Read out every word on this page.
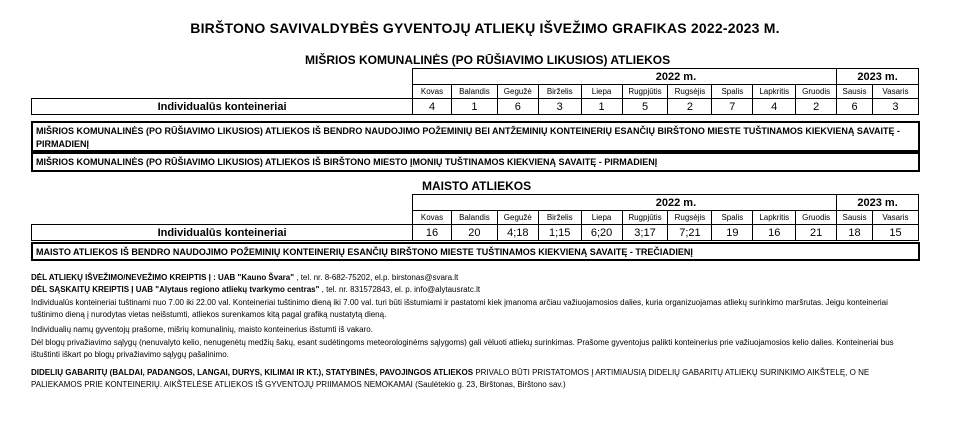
BIRŠTONO SAVIVALDYBĖS GYVENTOJŲ ATLIEKŲ IŠVEŽIMO GRAFIKAS 2022-2023 M.
MIŠRIOS KOMUNALINĖS (PO RŪŠIAVIMO LIKUSIOS) ATLIEKOS
	2022 m.										2023 m.	
	Kovas	Balandis	Gegužė	Birželis	Liepa	Rugpjūtis	Rugsėjis	Spalis	Lapkritis	Gruodis	Sausis	Vasaris
Individualūs konteineriai	4	1	6	3	1	5	2	7	4	2	6	3
MIŠRIOS KOMUNALINĖS (PO RŪŠIAVIMO LIKUSIOS) ATLIEKOS IŠ BENDRO NAUDOJIMO POŽEMINIŲ BEI ANTŽEMINIŲ KONTEINERIŲ ESANČIŲ BIRŠTONO MIESTE TUŠTINAMOS KIEKVIENĄ SAVAITĘ - PIRMADIENĮ
MIŠRIOS KOMUNALINĖS (PO RŪŠIAVIMO LIKUSIOS) ATLIEKOS IŠ BIRŠTONO MIESTO ĮMONIŲ TUŠTINAMOS KIEKVIENĄ SAVAITĘ - PIRMADIENĮ
MAISTO ATLIEKOS
	2022 m.										2023 m.	
	Kovas	Balandis	Gegužė	Birželis	Liepa	Rugpjūtis	Rugsėjis	Spalis	Lapkritis	Gruodis	Sausis	Vasaris
Individualūs konteineriai	16	20	4;18	1;15	6;20	3;17	7;21	19	16	21	18	15
MAISTO ATLIEKOS IŠ BENDRO NAUDOJIMO POŽEMINIŲ KONTEINERIŲ ESANČIŲ BIRŠTONO MIESTE TUŠTINAMOS KIEKVIENĄ SAVAITĘ - TREČIADIENĮ
DĖL ATLIEKŲ IŠVEŽIMO/NEVEŽIMO KREIPTIS Į : UAB "Kauno Švara" , tel. nr. 8-682-75202, el.p. birstonas@svara.lt
DĖL SĄSKAITŲ KREIPTIS Į UAB "Alytaus regiono atliekų tvarkymo centras" , tel. nr. 831572843, el. p. info@alytausratc.lt
Individualūs konteineriai tuštinami nuo 7.00 iki 22.00 val. Konteineriai tuštinimo dieną iki 7.00 val. turi būti išstumiami ir pastatomi kiek įmanoma arčiau važiuojamosios dalies, kuria organizuojamas atliekų surinkimo maršrutas. Jeigu konteineriai tuštinimo dieną į nurodytas vietas neišstumti, atliekos surenkamos kitą pagal grafiką nustatytą dieną.
Individualių namų gyventojų prašome, mišrių komunalinių, maisto konteinerius išstumti iš vakaro.
Dėl blogų privažiavimo sąlygų (nenuvalyto kelio, nenugenėtų medžių šakų, esant sudėtingoms meteorologinėms sąlygoms) gali vėluoti atliekų surinkimas. Prašome gyventojus palikti konteinerius prie važiuojamosios kelio dalies. Konteineriai bus ištuštinti iškart po blogų privažiavimo sąlygų pašalinimo.
DIDELIŲ GABARITŲ (BALDAI, PADANGOS, LANGAI, DURYS, KILIMAI IR KT.), STATYBINĖS, PAVOJINGOS ATLIEKOS PRIVALO BŪTI PRISTATOMOS Į ARTIMIAUSIĄ DIDELIŲ GABARITŲ ATLIEKŲ SURINKIMO AIKŠTELĘ, O NE PALIEKAMOS PRIE KONTEINERIŲ. AIKŠTELĖSE ATLIEKOS IŠ GYVENTOJŲ PRIIMAMOS NEMOKAMAI (Saulėtekio g. 23, Birštonas, Birštono sav.)
